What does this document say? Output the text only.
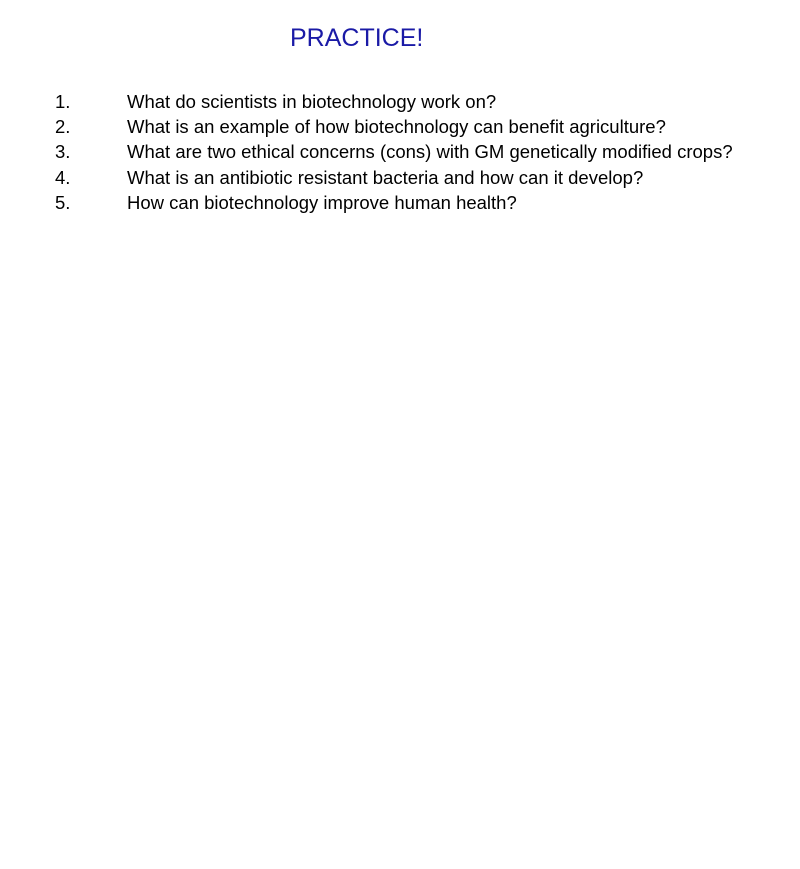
PRACTICE!
1.	What do scientists in biotechnology work on?
2.	What is an example of how biotechnology can benefit agriculture?
3.	What are two ethical concerns (cons) with GM genetically modified crops?
4.	What is an antibiotic resistant bacteria and how can it develop?
5.	How can biotechnology improve human health?
